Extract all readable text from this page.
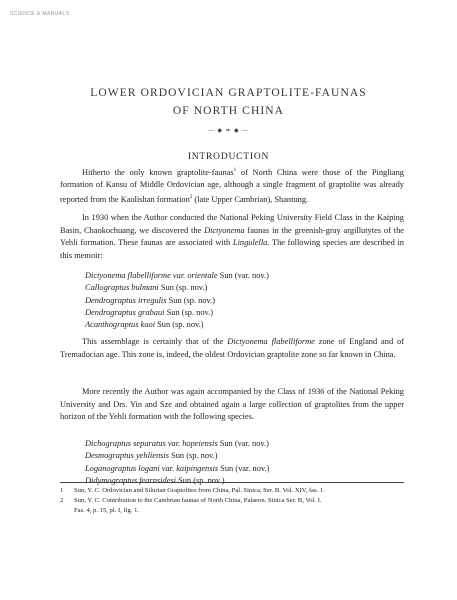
SCIENCE & MANUALS
LOWER ORDOVICIAN GRAPTOLITE-FAUNAS
OF NORTH CHINA
— ◆ ❧ ◆ —
INTRODUCTION

Hitherto the only known graptolite-faunas$^1$ of North China were those of the Pingliang formation of Kansu of Middle Ordovician age, although a single fragment of graptolite was already reported from the Kaolishan formation$^2$ (late Upper Cambrian), Shantung.

In 1930 when the Author conducted the National Peking University Field Class in the Kaiping Basin, Chaokochuang, we discovered the Dictyonema faunas in the greenish-gray argillutytes of the Yehli formation. These faunas are associated with Lingulella. The following species are described in this memoir:

Dictyonema flabelliforme var. orientale Sun (var. nov.)
Callograptus bulmani Sun (sp. nov.)
Dendrograptus irregulis Sun (sp. nov.)
Dendrograptus grabaui Sun (sp. nov.)
Acanthograptus kaoi Sun (sp. nov.)

This assemblage is certainly that of the Dictyonema flabelliforme zone of England and of Tremadocian age. This zone is, indeed, the oldest Ordovician graptolite zone so far known in China.

More recently the Author was again accompanied by the Class of 1936 of the National Peking University and Drs. Yin and Sze and obtained again a large collection of graptolites from the upper horizon of the Yehli formation with the following species.
Dichograptus separatus var. hopeiensis Sun (var. nov.)
Desmograptus yehliensis Sun (sp. nov.)
Loganograptus logani var. kaipingensis Sun (var. nov.)
Didymograptus fearnsidesi Sun (sp. nov.)
1 Sun, Y. C. Ordovician and Silurian Graptolites from China, Pal. Sinica, Ser. B. Vol. XIV, fas. 1.
2 Sun, Y. C. Contribution to the Cambrian faunas of North China, Palaeon. Sinica Ser. B, Vol. I.
Fas. 4, p. 15, pl. I, fig. 1.
